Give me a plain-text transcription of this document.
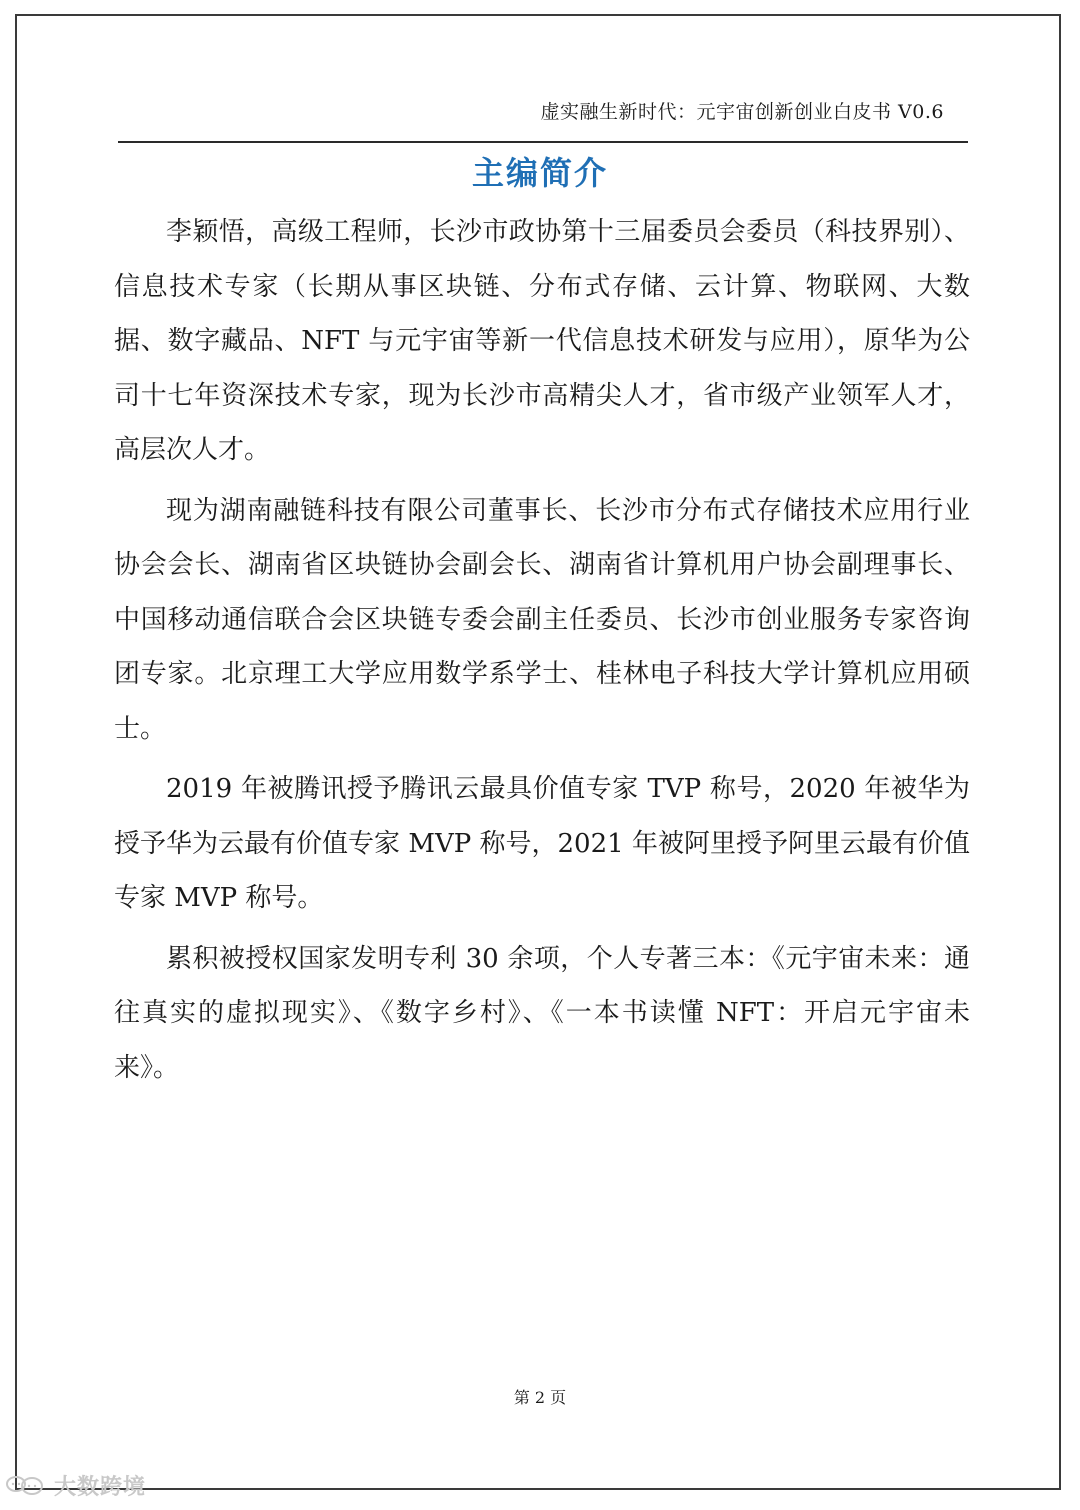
虚实融生新时代：元宇宙创新创业白皮书 V0.6
主编简介

李颖悟，高级工程师，长沙市政协第十三届委员会委员（科技界别）、信息技术专家（长期从事区块链、分布式存储、云计算、物联网、大数据、数字藏品、NFT 与元宇宙等新一代信息技术研发与应用），原华为公司十七年资深技术专家，现为长沙市高精尖人才，省市级产业领军人才，高层次人才。

现为湖南融链科技有限公司董事长、长沙市分布式存储技术应用行业协会会长、湖南省区块链协会副会长、湖南省计算机用户协会副理事长、中国移动通信联合会区块链专委会副主任委员、长沙市创业服务专家咨询团专家。北京理工大学应用数学系学士、桂林电子科技大学计算机应用硕士。

2019 年被腾讯授予腾讯云最具价值专家 TVP 称号，2020 年被华为授予华为云最有价值专家 MVP 称号，2021 年被阿里授予阿里云最有价值专家 MVP 称号。

累积被授权国家发明专利 30 余项，个人专著三本：《元宇宙未来：通往真实的虚拟现实》、《数字乡村》、《一本书读懂 NFT：开启元宇宙未来》。

第 2 页
大数跨境
